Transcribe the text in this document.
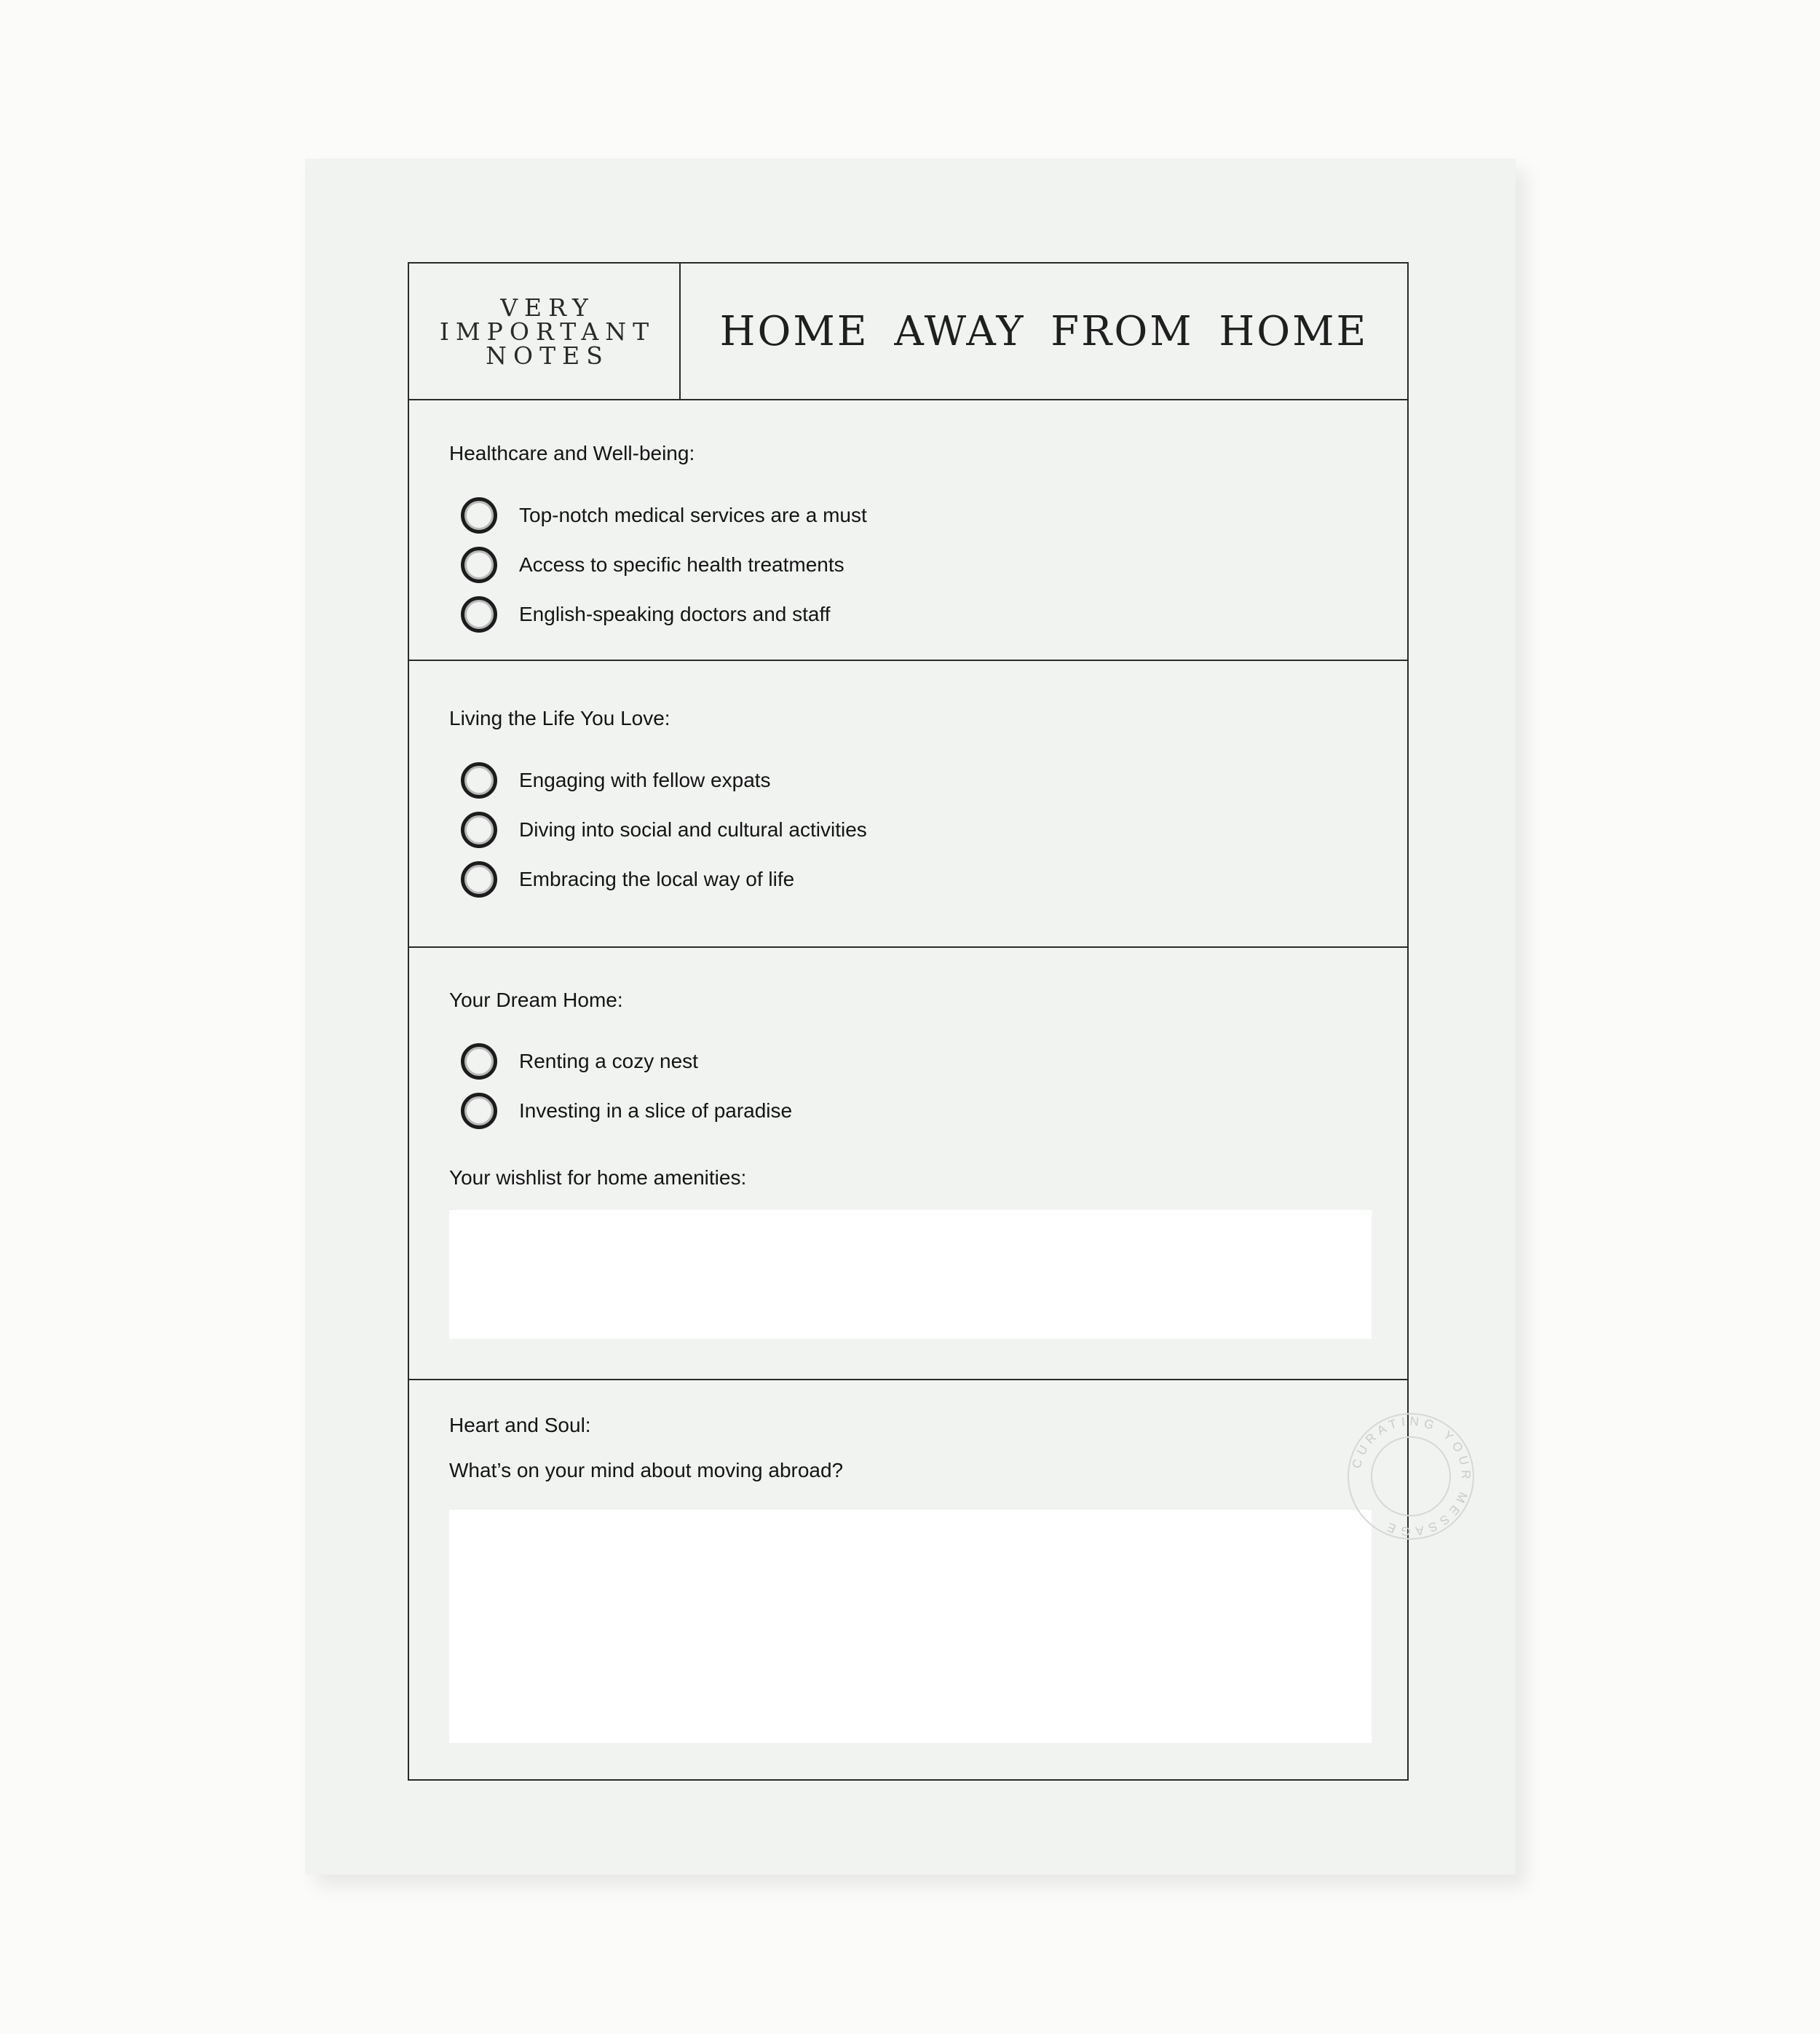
VERY
IMPORTANT
NOTES
HOME AWAY FROM HOME
Healthcare and Well-being:
Top-notch medical services are a must
Access to specific health treatments
English-speaking doctors and staff
Living the Life You Love:
Engaging with fellow expats
Diving into social and cultural activities
Embracing the local way of life
Your Dream Home:
Renting a cozy nest
Investing in a slice of paradise
Your wishlist for home amenities:
Heart and Soul:
What’s on your mind about moving abroad?	CURATING YOUR MESSAGE
